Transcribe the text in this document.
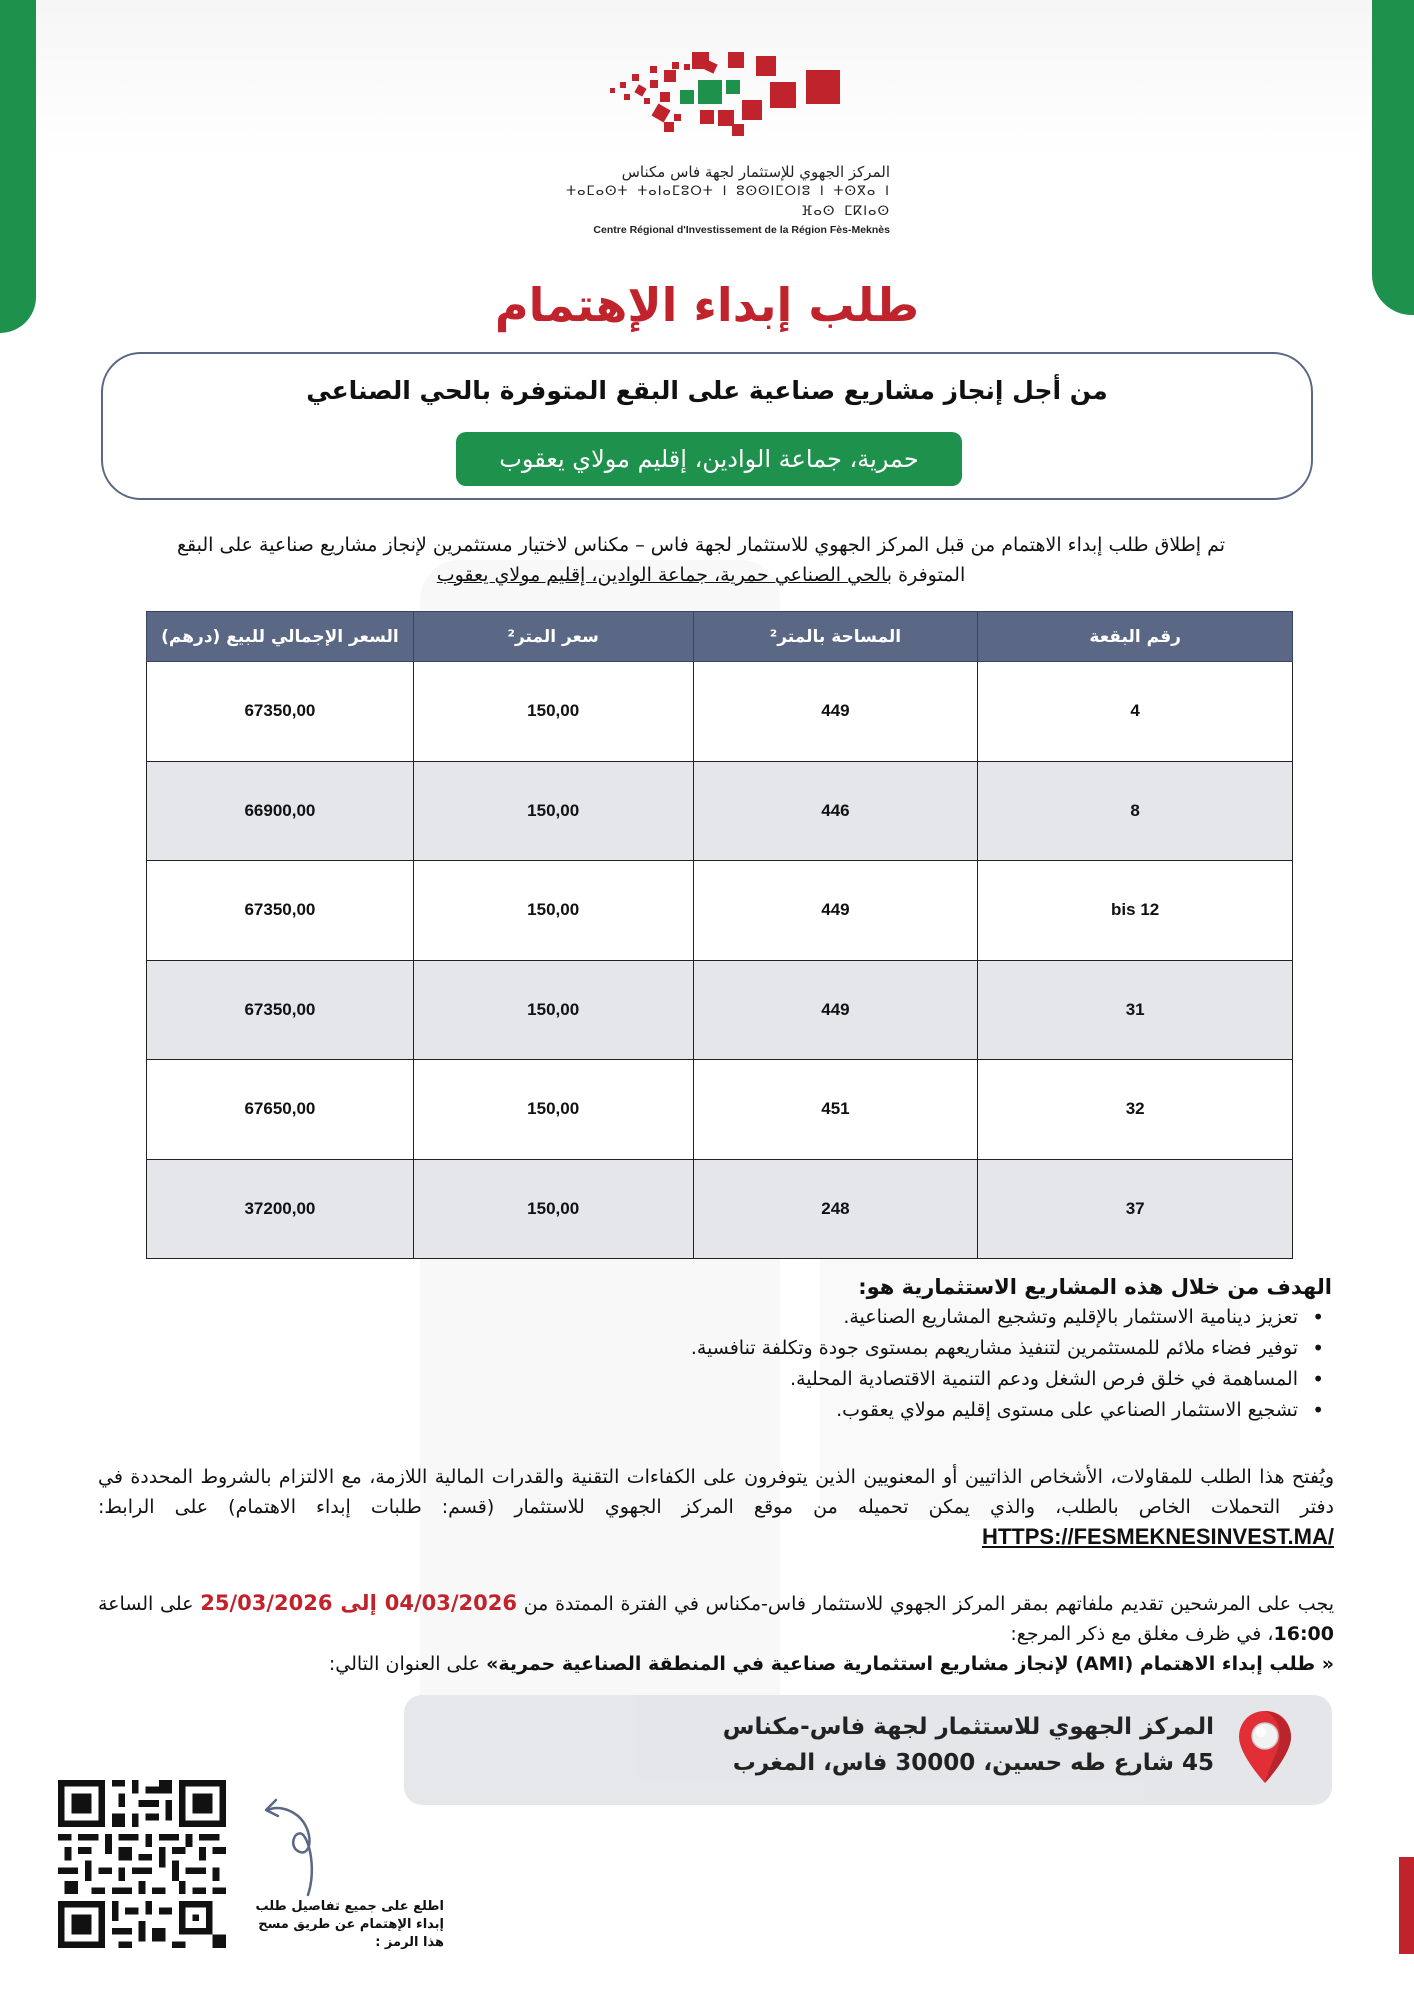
المركز الجهوي للإستثمار لجهة فاس مكناس
ⵜⴰⵎⴰⵙⵜ ⵜⴰⵏⴰⵎⵓⵔⵜ ⵏ ⵓⵙⵙⵏⵎⵔⵏⵓ ⵏ ⵜⵙⴳⴰ ⵏ ⴼⴰⵙ ⵎⴽⵏⴰⵙ
Centre Régional d'Investissement de la Région Fès-Meknès
طلب إبداء الإهتمام
من أجل إنجاز مشاريع صناعية على البقع المتوفرة بالحي الصناعي
حمرية، جماعة الوادين، إقليم مولاي يعقوب
تم إطلاق طلب إبداء الاهتمام من قبل المركز الجهوي للاستثمار لجهة فاس – مكناس لاختيار مستثمرين لإنجاز مشاريع صناعية على البقع
المتوفرة بالحي الصناعي حمرية، جماعة الوادين، إقليم مولاي يعقوب
رقم البقعة	المساحة بالمتر²	سعر المتر²	السعر الإجمالي للبيع (درهم)
4	449	150,00	67350,00
8	446	150,00	66900,00
12 bis	449	150,00	67350,00
31	449	150,00	67350,00
32	451	150,00	67650,00
37	248	150,00	37200,00
الهدف من خلال هذه المشاريع الاستثمارية هو:
• تعزيز دينامية الاستثمار بالإقليم وتشجيع المشاريع الصناعية.
• توفير فضاء ملائم للمستثمرين لتنفيذ مشاريعهم بمستوى جودة وتكلفة تنافسية.
• المساهمة في خلق فرص الشغل ودعم التنمية الاقتصادية المحلية.
• تشجيع الاستثمار الصناعي على مستوى إقليم مولاي يعقوب.
ويُفتح هذا الطلب للمقاولات، الأشخاص الذاتيين أو المعنويين الذين يتوفرون على الكفاءات التقنية والقدرات المالية اللازمة، مع الالتزام بالشروط المحددة في دفتر التحملات الخاص بالطلب، والذي يمكن تحميله من موقع المركز الجهوي للاستثمار (قسم: طلبات إبداء الاهتمام) على الرابط: HTTPS://FESMEKNESINVEST.MA/
يجب على المرشحين تقديم ملفاتهم بمقر المركز الجهوي للاستثمار فاس-مكناس في الفترة الممتدة من 04/03/2026 إلى 25/03/2026 على الساعة 16:00، في ظرف مغلق مع ذكر المرجع:
« طلب إبداء الاهتمام (AMI) لإنجاز مشاريع استثمارية صناعية في المنطقة الصناعية حمرية» على العنوان التالي:
المركز الجهوي للاستثمار لجهة فاس-مكناس
45 شارع طه حسين، 30000 فاس، المغرب
اطلع على جميع تفاصيل طلب إبداء الإهتمام عن طريق مسح هذا الرمز :
